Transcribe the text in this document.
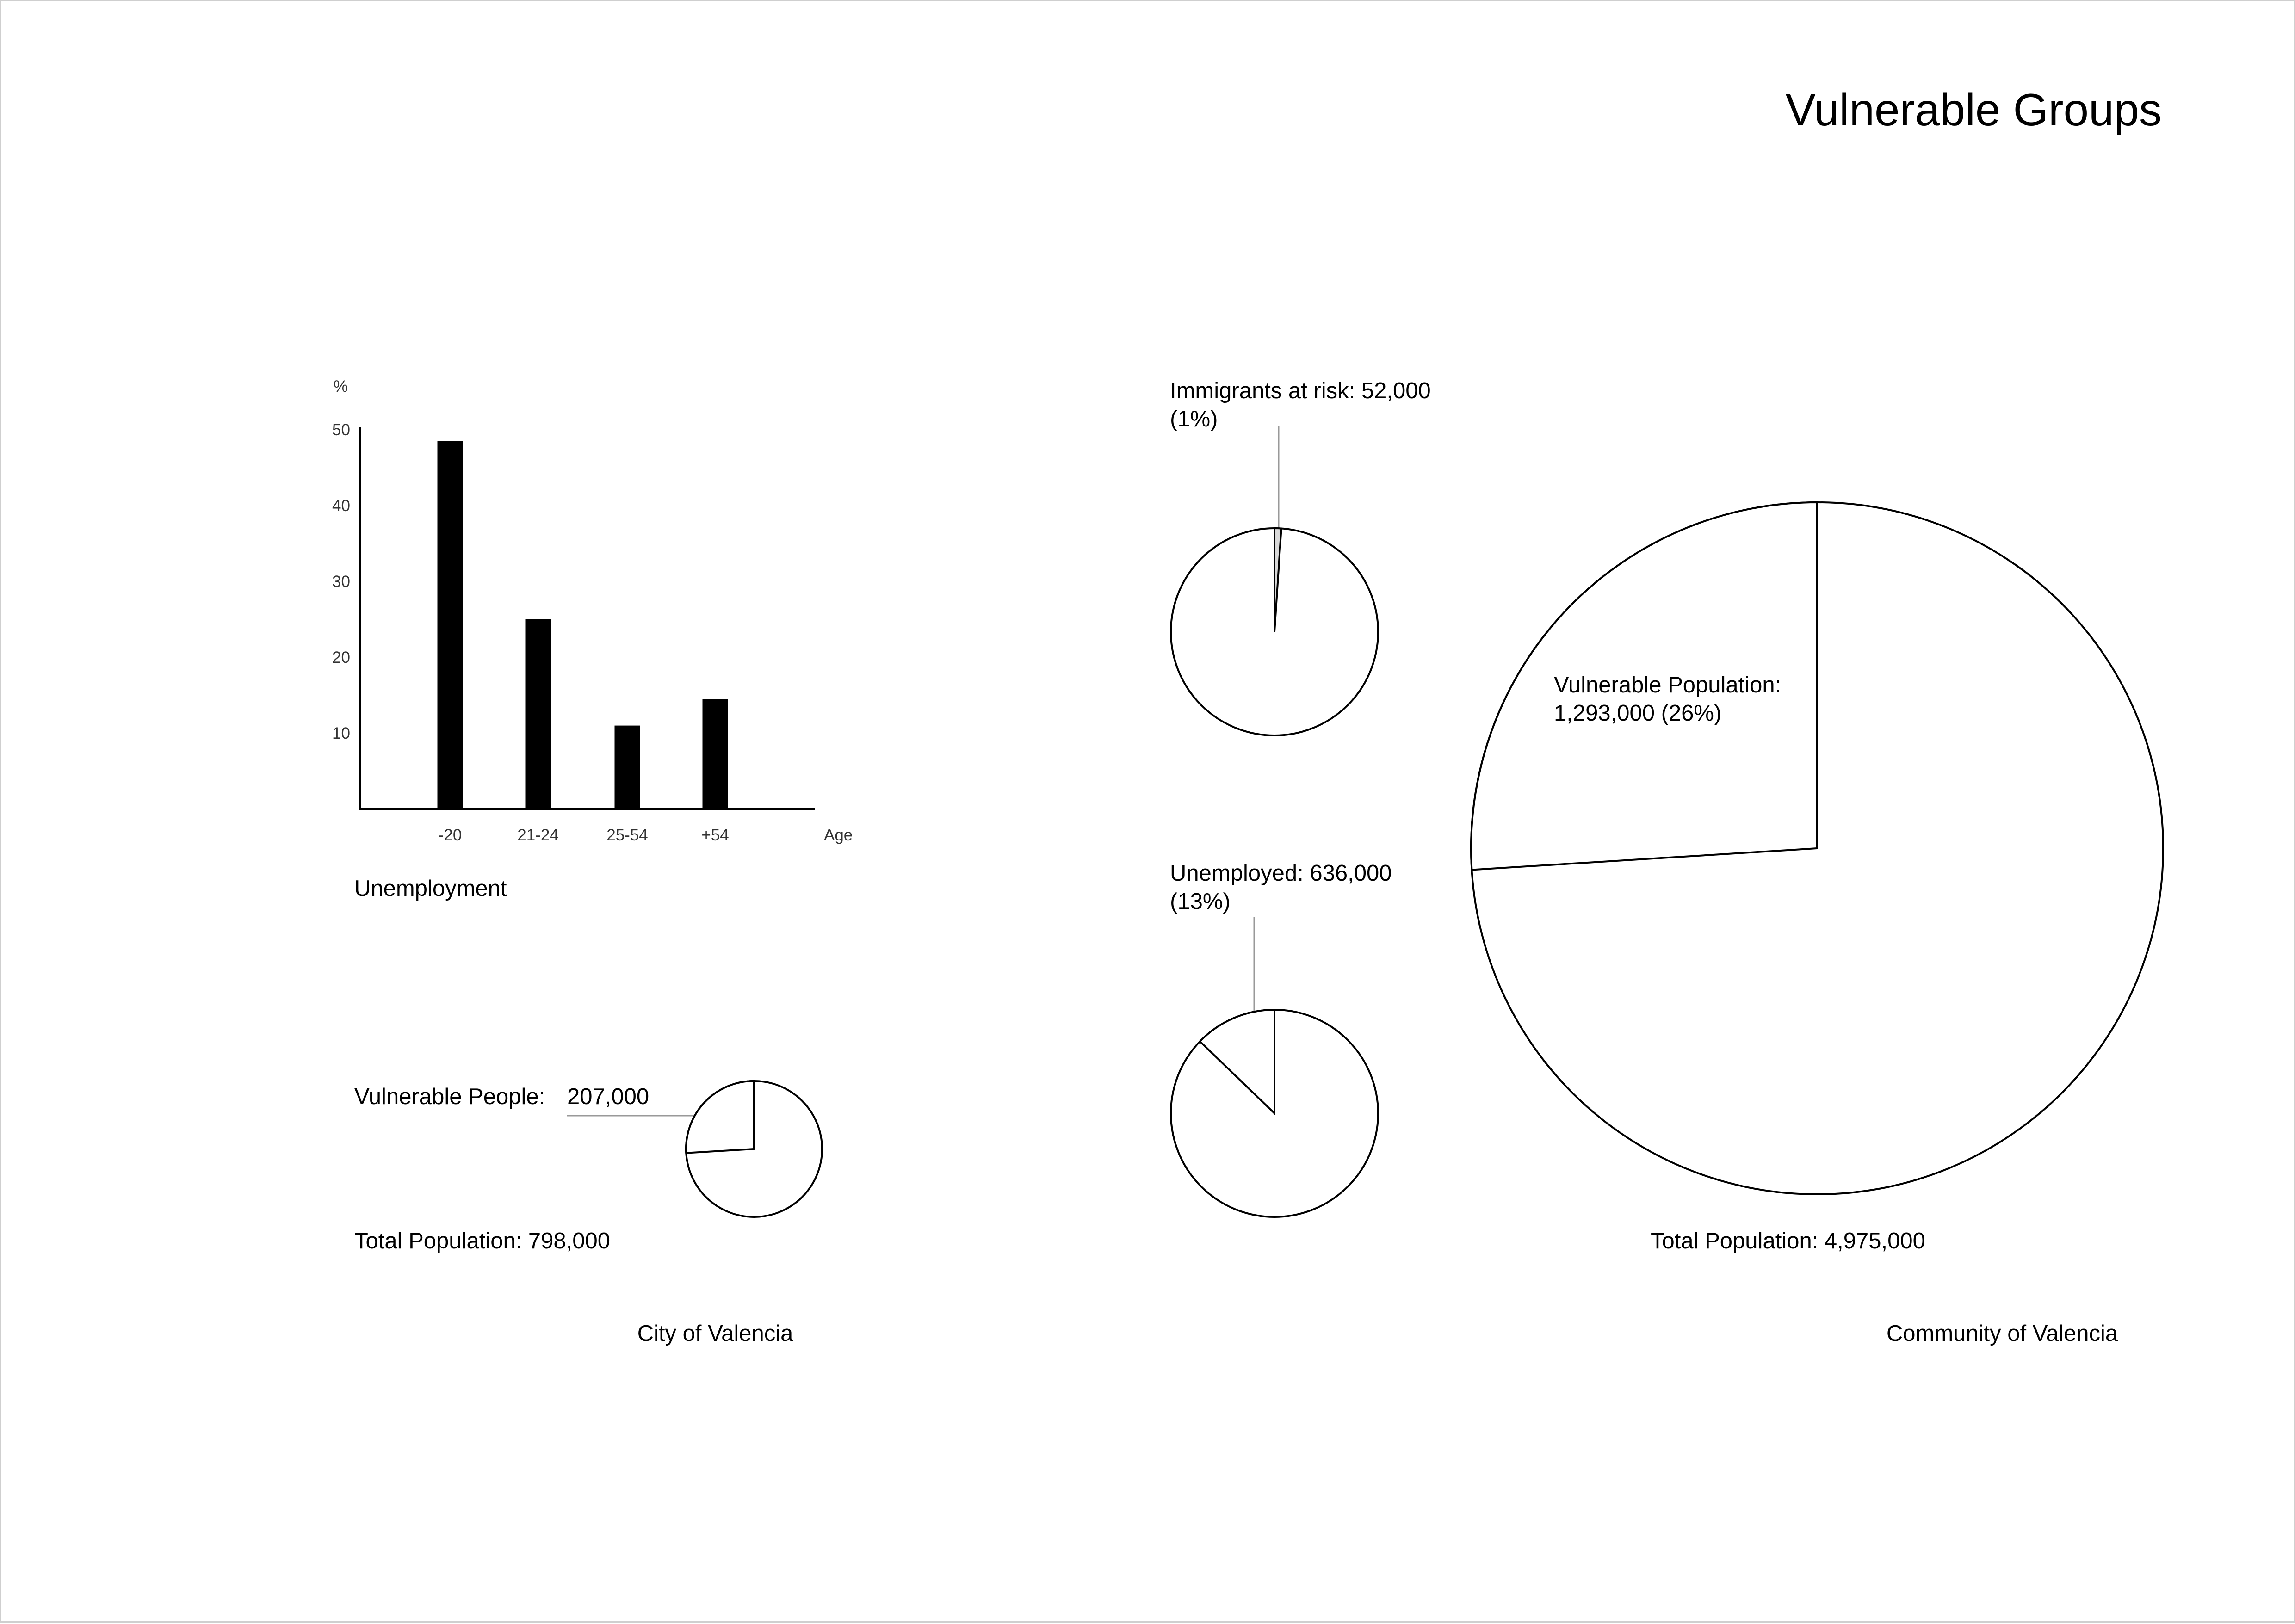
Vulnerable Groups
%
10
20
30
40
50
-20	21-24	25-54	+54	Age
Unemployment
Vulnerable People: 207,000
Total Population: 798,000
Immigrants at risk: 52,000
(1%)
Unemployed: 636,000
(13%)
Vulnerable Population:
1,293,000 (26%)
Total Population: 4,975,000
City of Valencia	Community of Valencia
